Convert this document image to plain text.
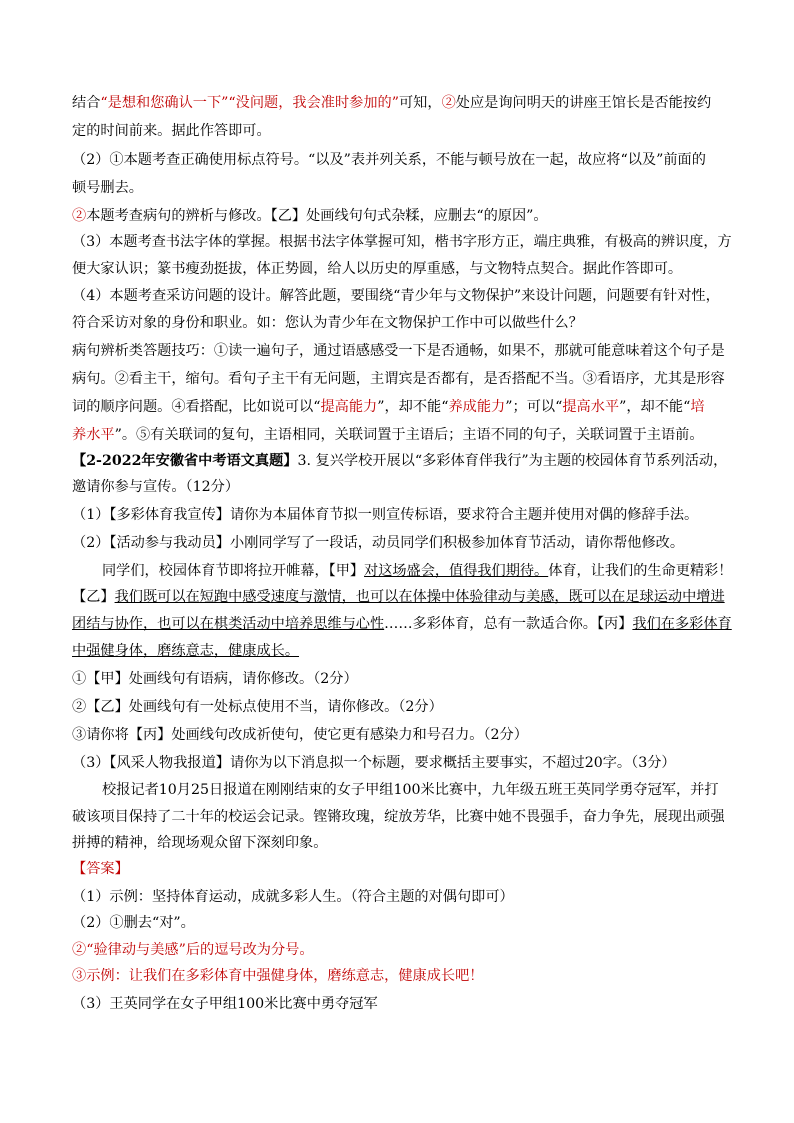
结合“是想和您确认一下”“没问题，我会准时参加的”可知，②处应是询问明天的讲座王馆长是否能按约
定的时间前来。据此作答即可。
（2）①本题考查正确使用标点符号。“以及”表并列关系，不能与顿号放在一起，故应将“以及”前面的
顿号删去。
②本题考查病句的辨析与修改。【乙】处画线句句式杂糅，应删去“的原因”。
（3）本题考查书法字体的掌握。根据书法字体掌握可知，楷书字形方正，端庄典雅，有极高的辨识度，方
便大家认识；篆书瘦劲挺拔，体正势圆，给人以历史的厚重感，与文物特点契合。据此作答即可。
（4）本题考查采访问题的设计。解答此题，要围绕“青少年与文物保护”来设计问题，问题要有针对性，
符合采访对象的身份和职业。如：您认为青少年在文物保护工作中可以做些什么？
病句辨析类答题技巧：①读一遍句子，通过语感感受一下是否通畅，如果不，那就可能意味着这个句子是
病句。②看主干，缩句。看句子主干有无问题，主谓宾是否都有，是否搭配不当。③看语序，尤其是形容
词的顺序问题。④看搭配，比如说可以“提高能力”，却不能“养成能力”；可以“提高水平”，却不能“培
养水平”。⑤有关联词的复句，主语相同，关联词置于主语后；主语不同的句子，关联词置于主语前。
【2-2022年安徽省中考语文真题】3. 复兴学校开展以“多彩体育伴我行”为主题的校园体育节系列活动，
邀请你参与宣传。（12分）
（1）【多彩体育我宣传】请你为本届体育节拟一则宣传标语，要求符合主题并使用对偶的修辞手法。
（2）【活动参与我动员】小刚同学写了一段话，动员同学们积极参加体育节活动，请你帮他修改。
同学们，校园体育节即将拉开帷幕，【甲】对这场盛会，值得我们期待。体育，让我们的生命更精彩！
【乙】我们既可以在短跑中感受速度与激情，也可以在体操中体验律动与美感，既可以在足球运动中增进
团结与协作，也可以在棋类活动中培养思维与心性……多彩体育，总有一款适合你。【丙】我们在多彩体育
中强健身体，磨练意志，健康成长。
①【甲】处画线句有语病，请你修改。（2分）
②【乙】处画线句有一处标点使用不当，请你修改。（2分）
③请你将【丙】处画线句改成祈使句，使它更有感染力和号召力。（2分）
（3）【风采人物我报道】请你为以下消息拟一个标题，要求概括主要事实，不超过20字。（3分）
校报记者10月25日报道在刚刚结束的女子甲组100米比赛中，九年级五班王英同学勇夺冠军，并打
破该项目保持了二十年的校运会记录。铿锵玫瑰，绽放芳华，比赛中她不畏强手，奋力争先，展现出顽强
拼搏的精神，给现场观众留下深刻印象。
【答案】
（1）示例：坚持体育运动，成就多彩人生。（符合主题的对偶句即可）
（2）①删去“对”。
②“验律动与美感”后的逗号改为分号。
③示例：让我们在多彩体育中强健身体，磨练意志，健康成长吧！
（3）王英同学在女子甲组100米比赛中勇夺冠军
